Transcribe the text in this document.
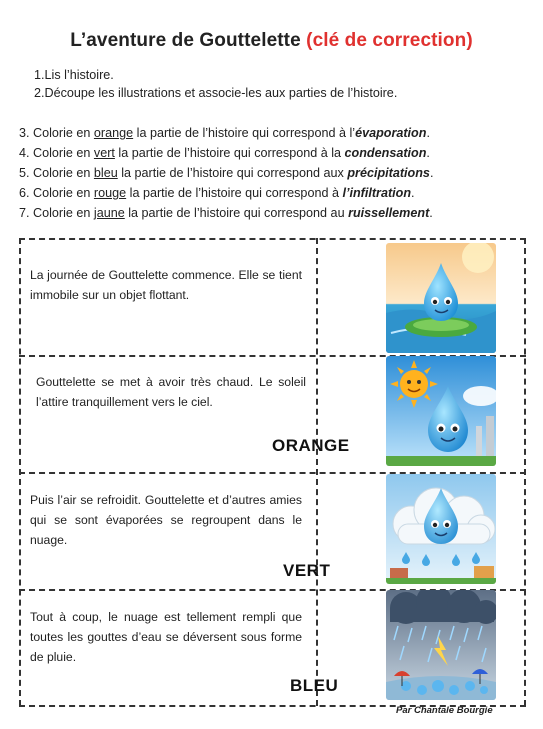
L’aventure de Gouttelette (clé de correction)
1.Lis l’histoire.
2.Découpe les illustrations et associe-les aux parties de l’histoire.
3. Colorie en orange la partie de l’histoire qui correspond à l’évaporation.
4. Colorie en vert la partie de l’histoire qui correspond à la condensation.
5. Colorie en bleu la partie de l’histoire qui correspond aux précipitations.
6. Colorie en rouge la partie de l’histoire qui correspond à l’infiltration.
7. Colorie en jaune la partie de l’histoire qui correspond au ruissellement.
La journée de Gouttelette commence. Elle se tient immobile sur un objet flottant.
Gouttelette se met à avoir très chaud. Le soleil l’attire tranquillement vers le ciel.
ORANGE
Puis l’air se refroidit. Gouttelette et d’autres amies qui se sont évaporées se regroupent dans le nuage.
VERT
Tout à coup, le nuage est tellement rempli que toutes les gouttes d’eau se déversent sous forme de pluie.
BLEU
Par Chantale Bourgie
